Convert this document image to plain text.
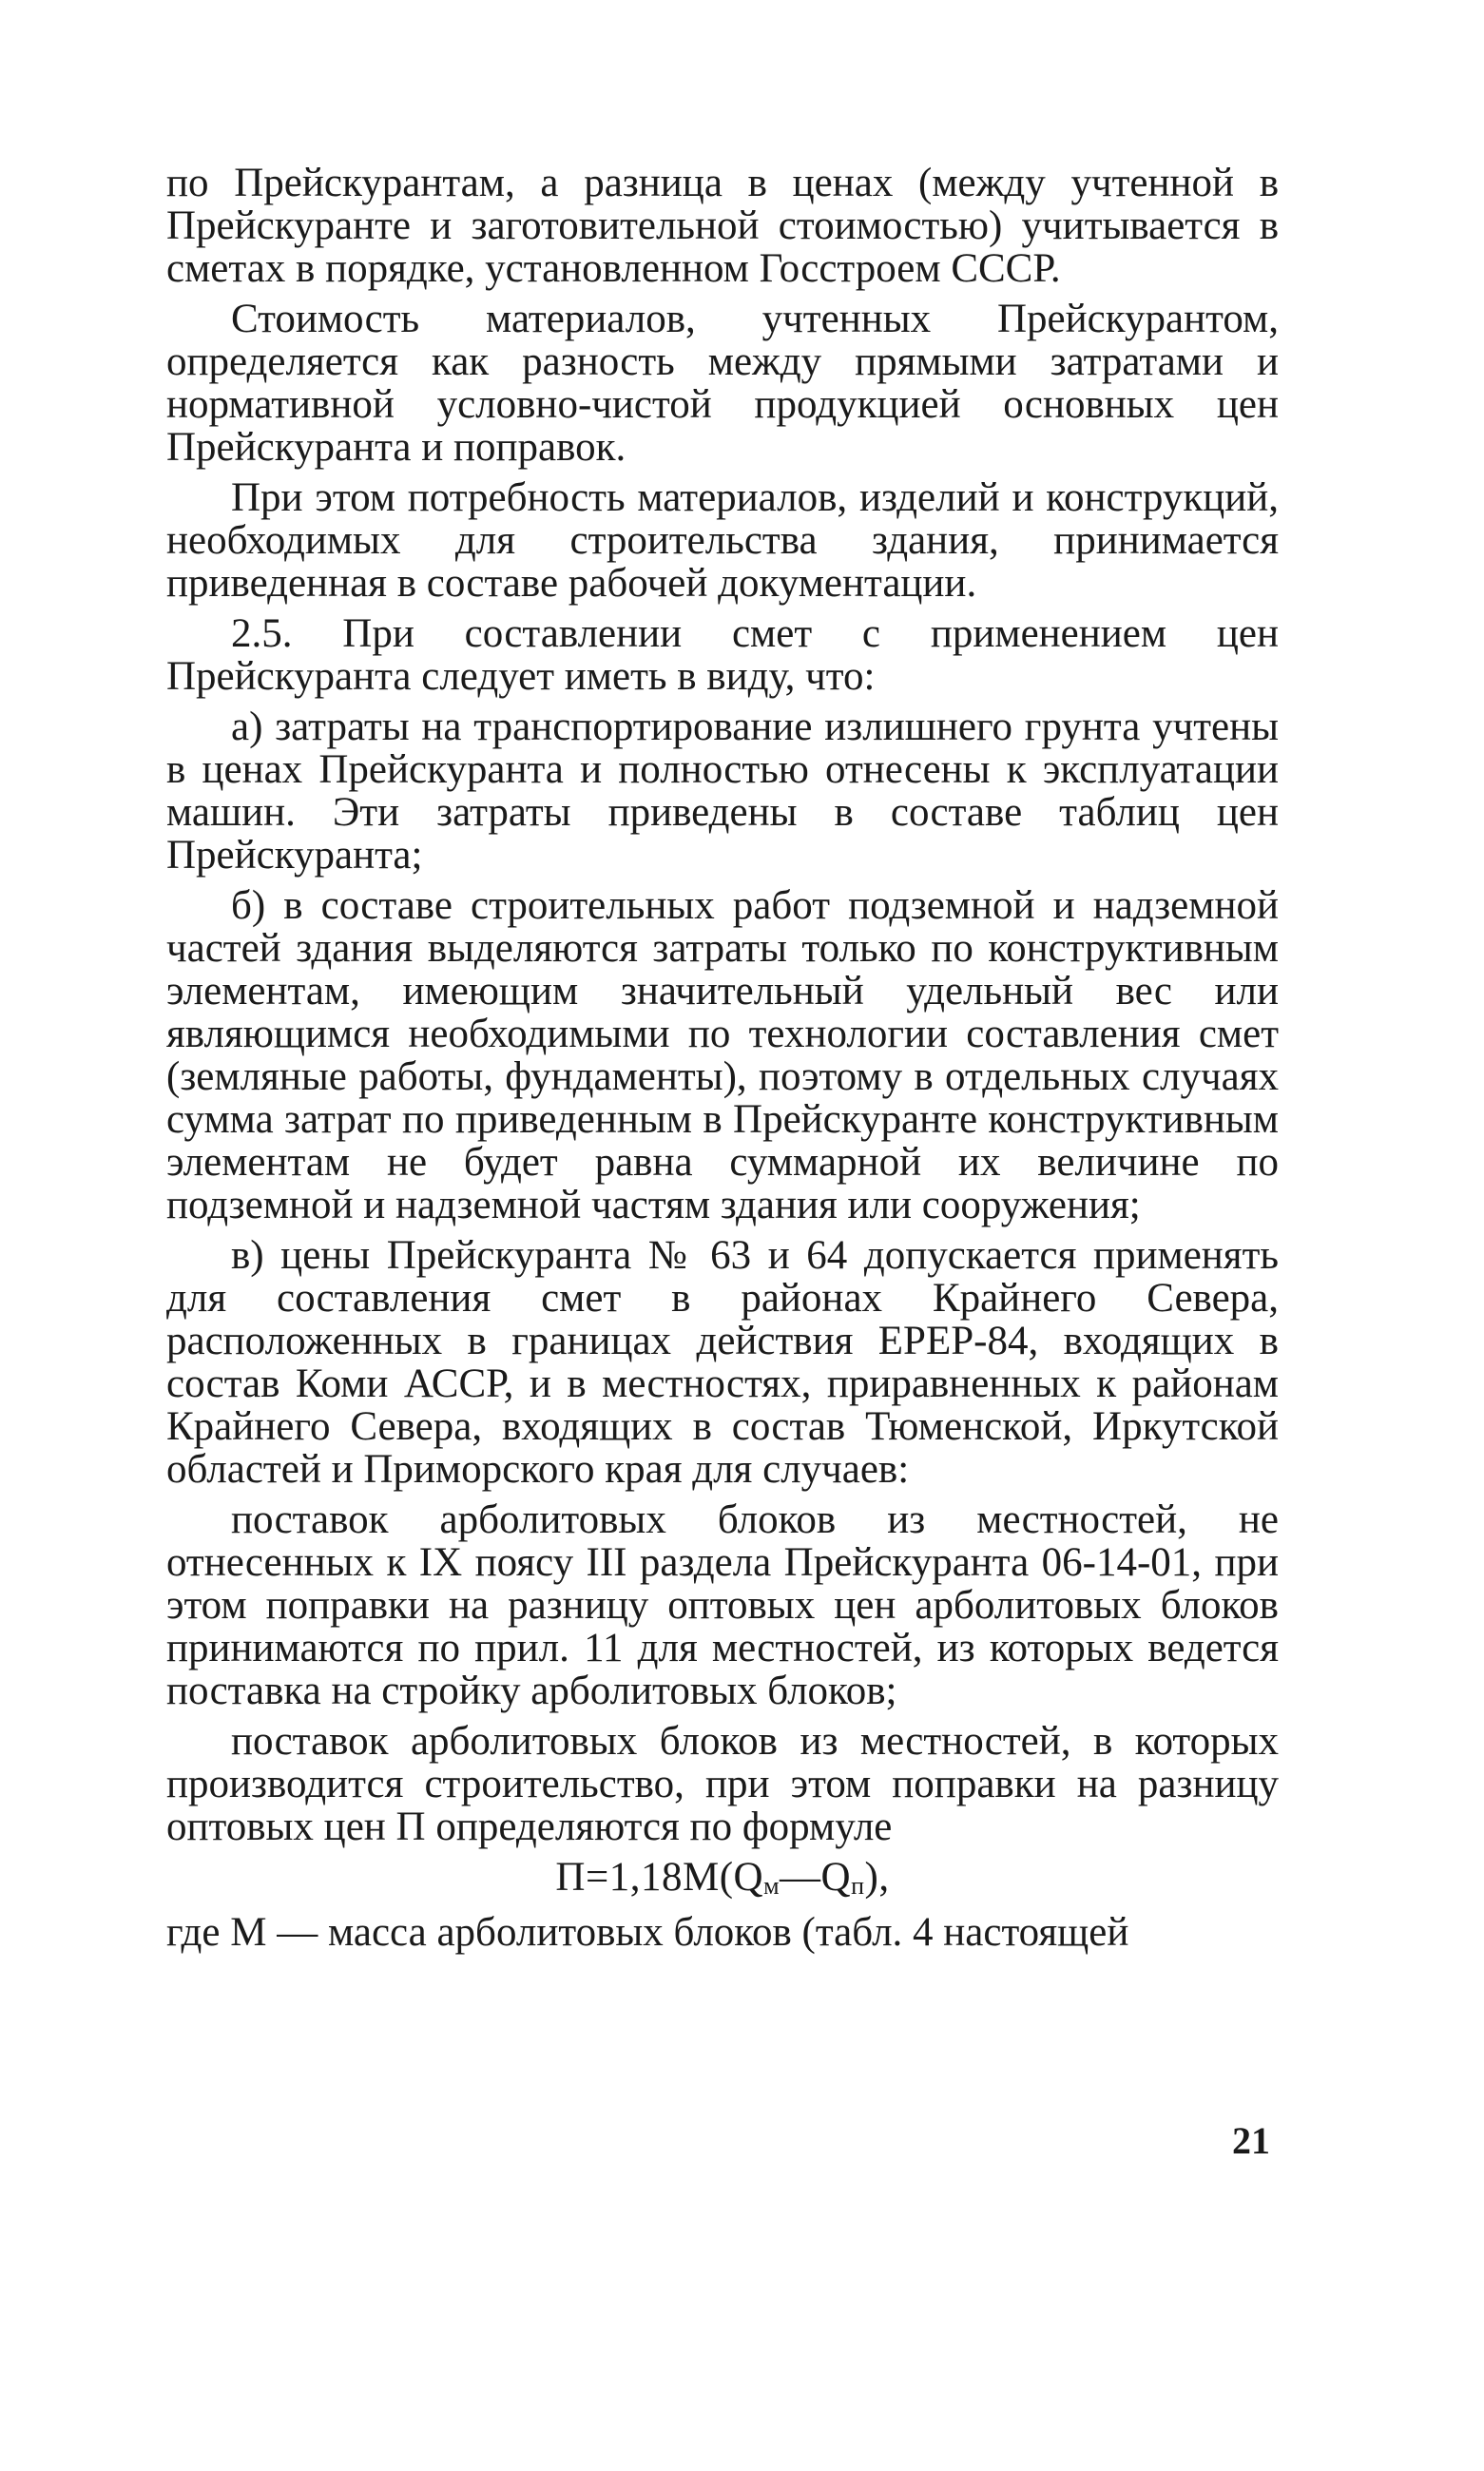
по Прейскурантам, а разница в ценах (между учтенной в Прейскуранте и заготовительной стоимостью) учитывается в сметах в порядке, установленном Госстроем СССР.

Стоимость материалов, учтенных Прейскурантом, определяется как разность между прямыми затратами и нормативной условно-чистой продукцией основных цен Прейскуранта и поправок.

При этом потребность материалов, изделий и конструкций, необходимых для строительства здания, принимается приведенная в составе рабочей документации.

2.5. При составлении смет с применением цен Прейскуранта следует иметь в виду, что:

а) затраты на транспортирование излишнего грунта учтены в ценах Прейскуранта и полностью отнесены к эксплуатации машин. Эти затраты приведены в составе таблиц цен Прейскуранта;

б) в составе строительных работ подземной и надземной частей здания выделяются затраты только по конструктивным элементам, имеющим значительный удельный вес или являющимся необходимыми по технологии составления смет (земляные работы, фундаменты), поэтому в отдельных случаях сумма затрат по приведенным в Прейскуранте конструктивным элементам не будет равна суммарной их величине по подземной и надземной частям здания или сооружения;

в) цены Прейскуранта № 63 и 64 допускается применять для составления смет в районах Крайнего Севера, расположенных в границах действия ЕРЕР-84, входящих в состав Коми АССР, и в местностях, приравненных к районам Крайнего Севера, входящих в состав Тюменской, Иркутской областей и Приморского края для случаев:

поставок арболитовых блоков из местностей, не отнесенных к IX поясу III раздела Прейскуранта 06-14-01, при этом поправки на разницу оптовых цен арболитовых блоков принимаются по прил. 11 для местностей, из которых ведется поставка на стройку арболитовых блоков;

поставок арболитовых блоков из местностей, в которых производится строительство, при этом поправки на разницу оптовых цен П определяются по формуле

$П=1,18М(Q_м—Q_п)$,

где М — масса арболитовых блоков (табл. 4 настоящей

21
